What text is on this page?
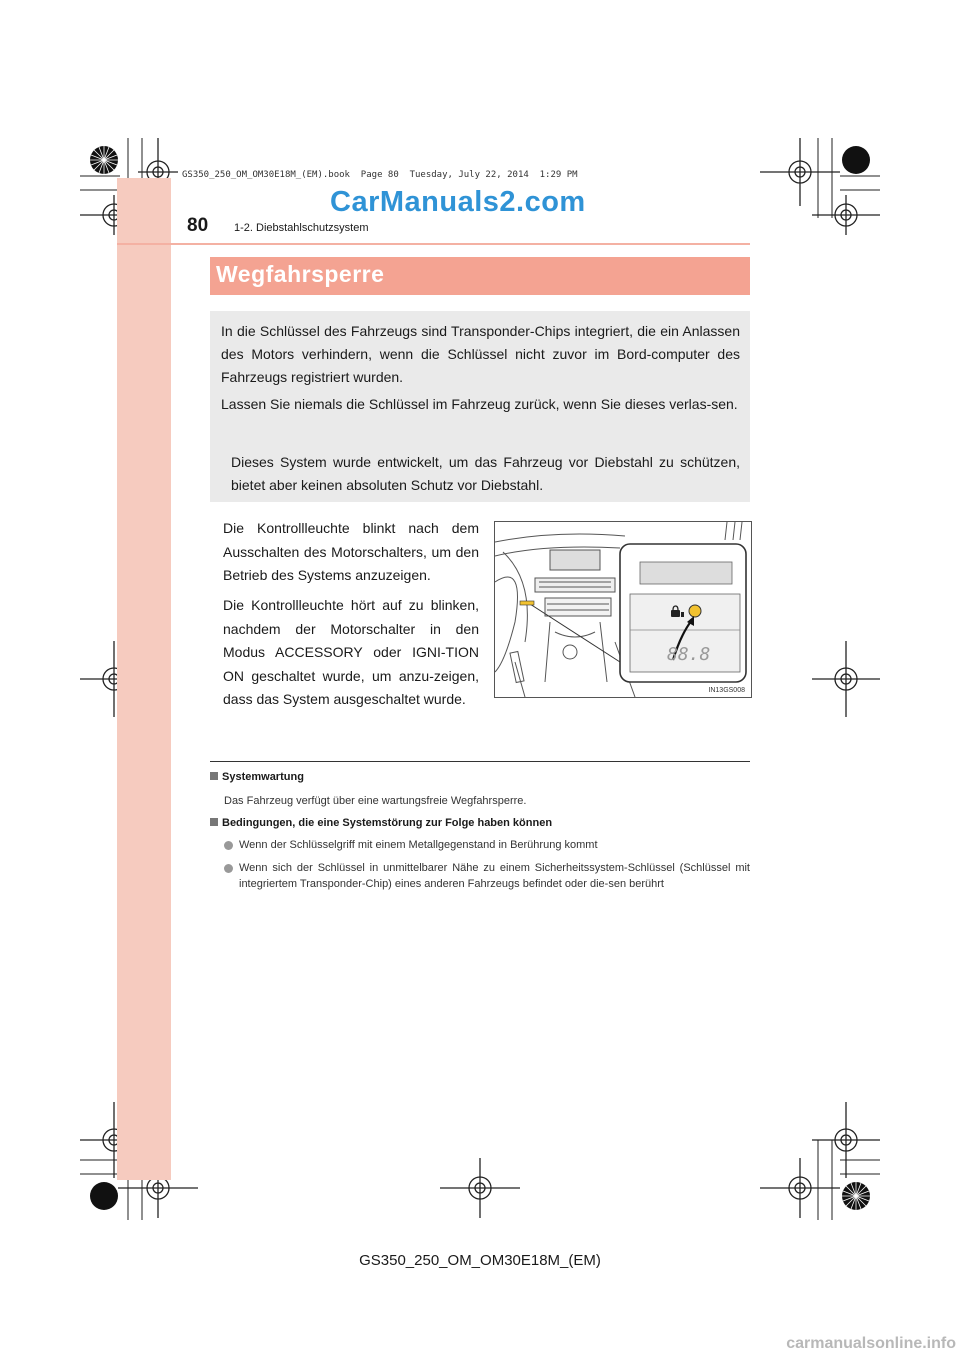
GS350_250_OM_OM30E18M_(EM).book  Page 80  Tuesday, July 22, 2014  1:29 PM
CarManuals2.com
80 1-2. Diebstahlschutzsystem
Wegfahrsperre

In die Schlüssel des Fahrzeugs sind Transponder-Chips integriert, die ein Anlassen des Motors verhindern, wenn die Schlüssel nicht zuvor im Bord-computer des Fahrzeugs registriert wurden.

Lassen Sie niemals die Schlüssel im Fahrzeug zurück, wenn Sie dieses verlas-sen.

Dieses System wurde entwickelt, um das Fahrzeug vor Diebstahl zu schützen, bietet aber keinen absoluten Schutz vor Diebstahl.

Die Kontrollleuchte blinkt nach dem Ausschalten des Motorschalters, um den Betrieb des Systems anzuzeigen.

Die Kontrollleuchte hört auf zu blinken, nachdem der Motorschalter in den Modus ACCESSORY oder IGNI-TION ON geschaltet wurde, um anzu-zeigen, dass das System ausgeschaltet wurde.

88.8
IN13GS008
Systemwartung
Das Fahrzeug verfügt über eine wartungsfreie Wegfahrsperre.
Bedingungen, die eine Systemstörung zur Folge haben können
Wenn der Schlüsselgriff mit einem Metallgegenstand in Berührung kommt
Wenn sich der Schlüssel in unmittelbarer Nähe zu einem Sicherheitssystem-Schlüssel (Schlüssel mit integriertem Transponder-Chip) eines anderen Fahrzeugs befindet oder die-sen berührt
GS350_250_OM_OM30E18M_(EM)
carmanualsonline.info
